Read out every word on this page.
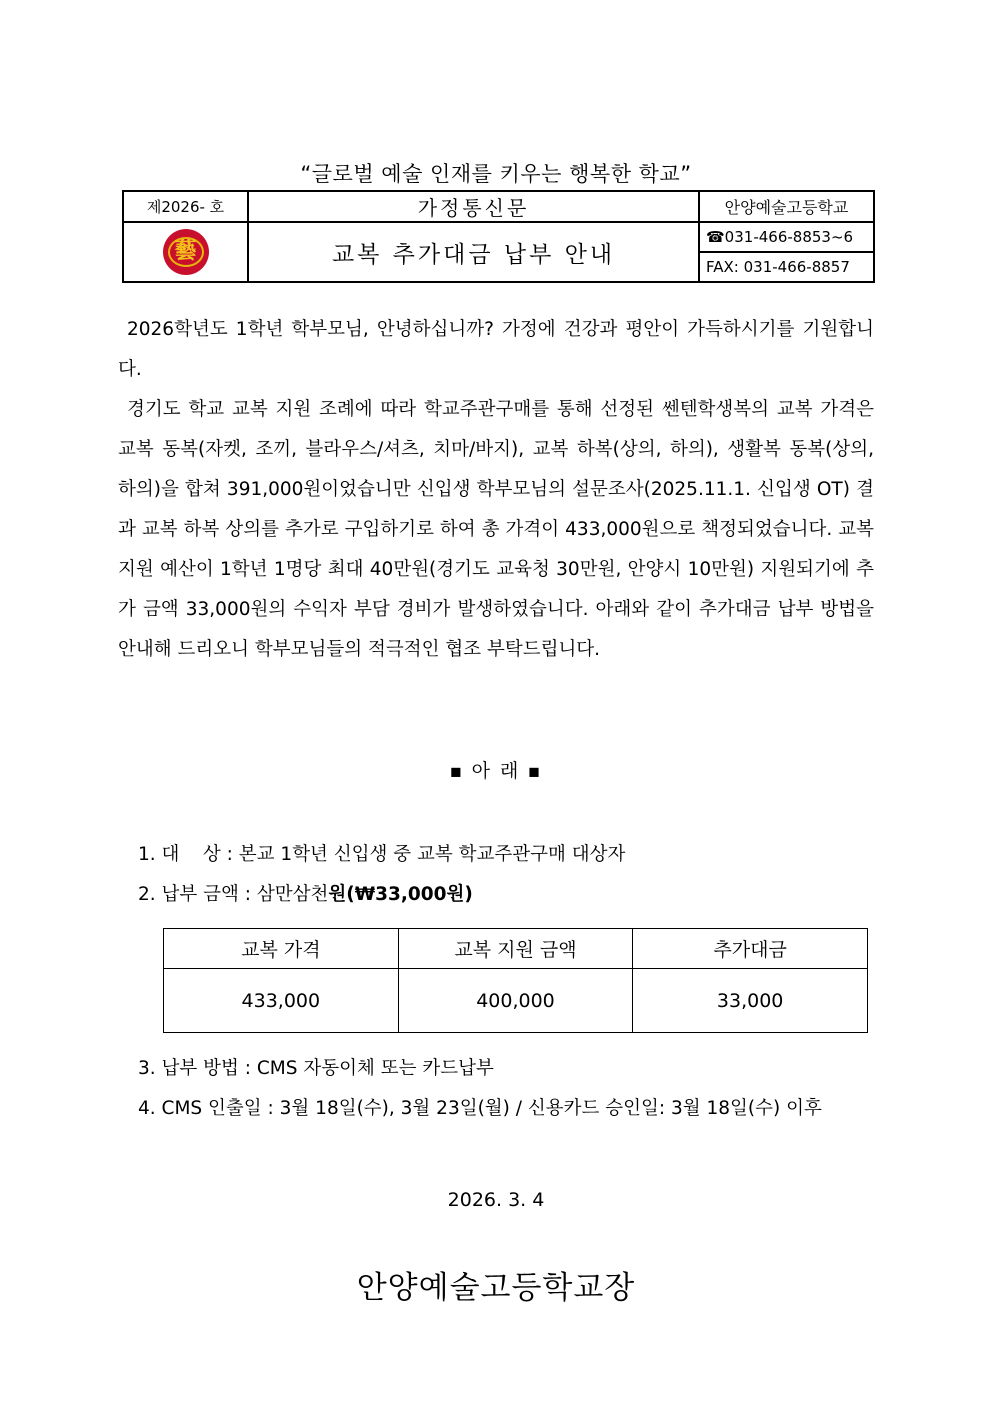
“글로벌 예술 인재를 키우는 행복한 학교”
제2026- 호	가정통신문	안양예술고등학교

藝	교복 추가대금 납부 안내	☎031-466-8853~6
		FAX: 031-466-8857

2026학년도 1학년 학부모님, 안녕하십니까? 가정에 건강과 평안이 가득하시기를 기원합니다.

경기도 학교 교복 지원 조례에 따라 학교주관구매를 통해 선정된 쎈텐학생복의 교복 가격은 교복 동복(자켓, 조끼, 블라우스/셔츠, 치마/바지), 교복 하복(상의, 하의), 생활복 동복(상의, 하의)을 합쳐 391,000원이었습니만 신입생 학부모님의 설문조사(2025.11.1. 신입생 OT) 결과 교복 하복 상의를 추가로 구입하기로 하여 총 가격이 433,000원으로 책정되었습니다. 교복 지원 예산이 1학년 1명당 최대 40만원(경기도 교육청 30만원, 안양시 10만원) 지원되기에 추가 금액 33,000원의 수익자 부담 경비가 발생하였습니다. 아래와 같이 추가대금 납부 방법을 안내해 드리오니 학부모님들의 적극적인 협조 부탁드립니다.

■ 아 래 ■
1. 대    상 : 본교 1학년 신입생 중 교복 학교주관구매 대상자
2. 납부 금액 : 삼만삼천원(₩33,000원)
교복 가격	교복 지원 금액	추가대금
433,000	400,000	33,000
3. 납부 방법 : CMS 자동이체 또는 카드납부
4. CMS 인출일 : 3월 18일(수), 3월 23일(월) / 신용카드 승인일: 3월 18일(수) 이후
2026. 3. 4
안양예술고등학교장
